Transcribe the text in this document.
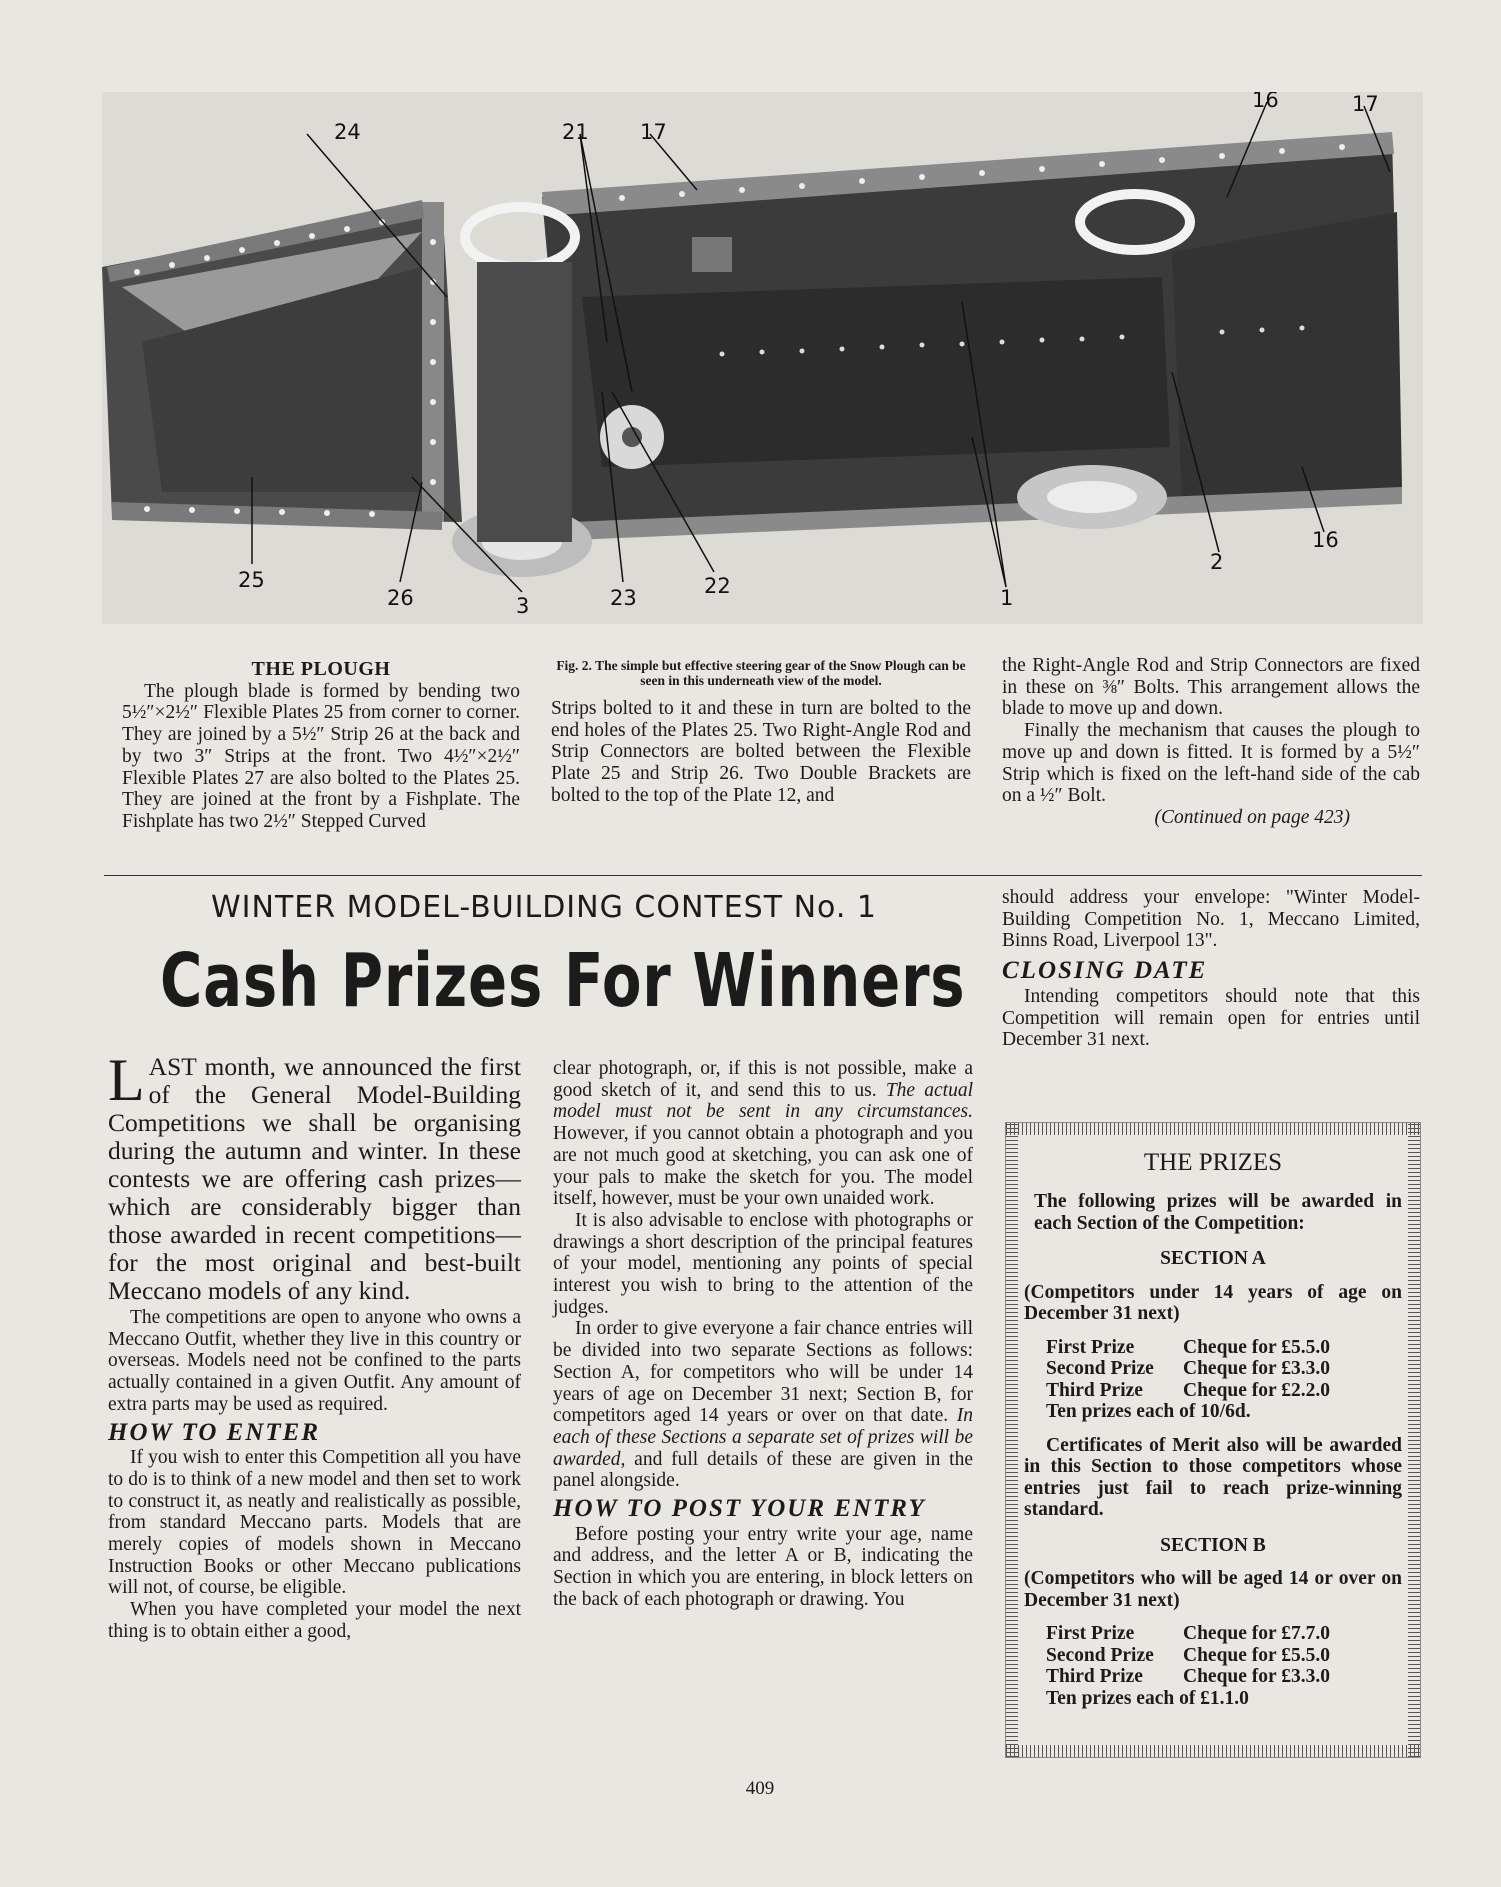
24	21 17
16	17
25
26	3	23	22	1
2
16
THE PLOUGH

The plough blade is formed by bending two 5½″×2½″ Flexible Plates 25 from corner to corner. They are joined by a 5½″ Strip 26 at the back and by two 3″ Strips at the front. Two 4½″×2½″ Flexible Plates 27 are also bolted to the Plates 25. They are joined at the front by a Fishplate. The Fishplate has two 2½″ Stepped Curved

Fig. 2. The simple but effective steering gear of the Snow Plough can be seen in this underneath view of the model.

Strips bolted to it and these in turn are bolted to the end holes of the Plates 25. Two Right-Angle Rod and Strip Connectors are bolted between the Flexible Plate 25 and Strip 26. Two Double Brackets are bolted to the top of the Plate 12, and

the Right-Angle Rod and Strip Connectors are fixed in these on ⅜″ Bolts. This arrangement allows the blade to move up and down.

Finally the mechanism that causes the plough to move up and down is fitted. It is formed by a 5½″ Strip which is fixed on the left-hand side of the cab on a ½″ Bolt.

(Continued on page 423)

WINTER MODEL-BUILDING CONTEST No. 1
Cash Prizes For Winners
L AST month, we announced the first of the General Model-Building Competitions we shall be organising during the autumn and winter. In these contests we are offering cash prizes—which are considerably bigger than those awarded in recent competitions—for the most original and best-built Meccano models of any kind.

The competitions are open to anyone who owns a Meccano Outfit, whether they live in this country or overseas. Models need not be confined to the parts actually contained in a given Outfit. Any amount of extra parts may be used as required.

HOW TO ENTER

If you wish to enter this Competition all you have to do is to think of a new model and then set to work to construct it, as neatly and realistically as possible, from standard Meccano parts. Models that are merely copies of models shown in Meccano Instruction Books or other Meccano publications will not, of course, be eligible.

When you have completed your model the next thing is to obtain either a good,

clear photograph, or, if this is not possible, make a good sketch of it, and send this to us. The actual model must not be sent in any circumstances. However, if you cannot obtain a photograph and you are not much good at sketching, you can ask one of your pals to make the sketch for you. The model itself, however, must be your own unaided work.

It is also advisable to enclose with photographs or drawings a short description of the principal features of your model, mentioning any points of special interest you wish to bring to the attention of the judges.

In order to give everyone a fair chance entries will be divided into two separate Sections as follows: Section A, for competitors who will be under 14 years of age on December 31 next; Section B, for competitors aged 14 years or over on that date. In each of these Sections a separate set of prizes will be awarded, and full details of these are given in the panel alongside.

HOW TO POST YOUR ENTRY

Before posting your entry write your age, name and address, and the letter A or B, indicating the Section in which you are entering, in block letters on the back of each photograph or drawing. You

should address your envelope: "Winter Model-Building Competition No. 1, Meccano Limited, Binns Road, Liverpool 13".

CLOSING DATE

Intending competitors should note that this Competition will remain open for entries until December 31 next.

THE PRIZES

The following prizes will be awarded in each Section of the Competition:

SECTION A

(Competitors under 14 years of age on December 31 next)

First Prize	Cheque for £5.5.0
Second Prize	Cheque for £3.3.0
Third Prize	Cheque for £2.2.0
Ten prizes each of 10/6d.

Certificates of Merit also will be awarded in this Section to those competitors whose entries just fail to reach prize-winning standard.

SECTION B

(Competitors who will be aged 14 or over on December 31 next)

First Prize	Cheque for £7.7.0
Second Prize	Cheque for £5.5.0
Third Prize	Cheque for £3.3.0
Ten prizes each of £1.1.0
409
